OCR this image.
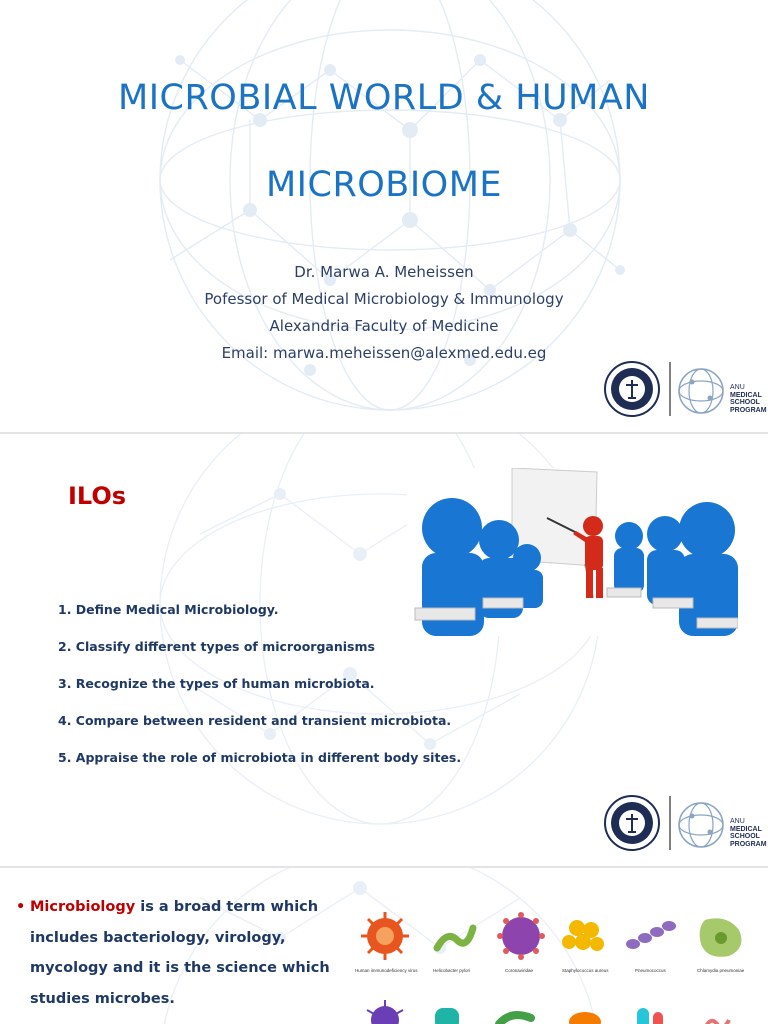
MICROBIAL WORLD & HUMAN
MICROBIOME
Dr. Marwa A. Meheissen
Pofessor of Medical Microbiology & Immunology
Alexandria Faculty of Medicine
Email: marwa.meheissen@alexmed.edu.eg
ANU
MEDICAL
SCHOOL
PROGRAM
ILOs
1. Define Medical Microbiology.
2. Classify different types of microorganisms
3. Recognize the types of human microbiota.
4. Compare between resident and transient microbiota.
5. Appraise the role of microbiota in different body sites.
ANU
MEDICAL
SCHOOL
PROGRAM
• Microbiology is a broad term which
includes bacteriology, virology,
mycology and it is the science which
studies microbes.
Human immunodeficiency virus	Helicobacter pylori	Coronaviridae	Staphylococcus aureus	Pneumococcus	Chlamydia pneumoniae
